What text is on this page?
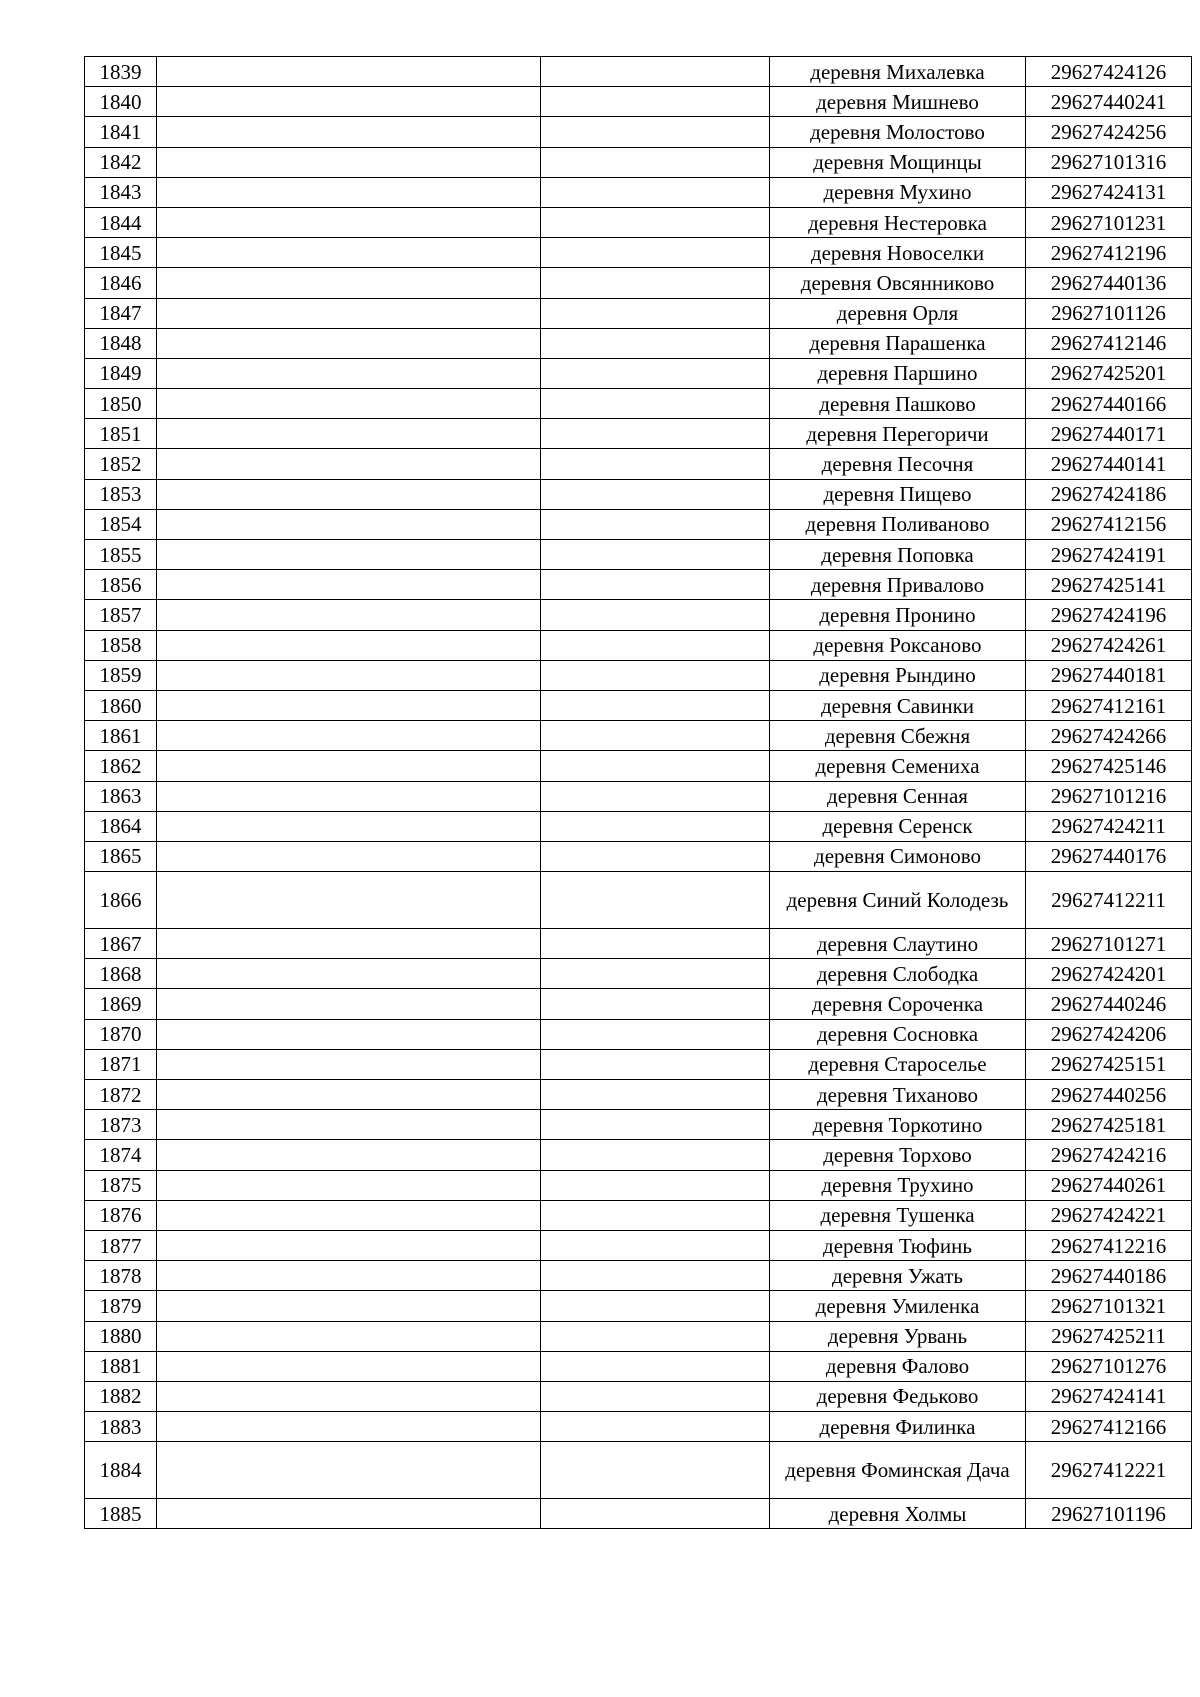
1839			деревня Михалевка	29627424126
1840			деревня Мишнево	29627440241
1841			деревня Молостово	29627424256
1842			деревня Мощинцы	29627101316
1843			деревня Мухино	29627424131
1844			деревня Нестеровка	29627101231
1845			деревня Новоселки	29627412196
1846			деревня Овсянниково	29627440136
1847			деревня Орля	29627101126
1848			деревня Парашенка	29627412146
1849			деревня Паршино	29627425201
1850			деревня Пашково	29627440166
1851			деревня Перегоричи	29627440171
1852			деревня Песочня	29627440141
1853			деревня Пищево	29627424186
1854			деревня Поливаново	29627412156
1855			деревня Поповка	29627424191
1856			деревня Привалово	29627425141
1857			деревня Пронино	29627424196
1858			деревня Роксаново	29627424261
1859			деревня Рындино	29627440181
1860			деревня Савинки	29627412161
1861			деревня Сбежня	29627424266
1862			деревня Семениха	29627425146
1863			деревня Сенная	29627101216
1864			деревня Серенск	29627424211
1865			деревня Симоново	29627440176
1866			деревня Синий Колодезь	29627412211
1867			деревня Слаутино	29627101271
1868			деревня Слободка	29627424201
1869			деревня Сороченка	29627440246
1870			деревня Сосновка	29627424206
1871			деревня Староселье	29627425151
1872			деревня Тиханово	29627440256
1873			деревня Торкотино	29627425181
1874			деревня Торхово	29627424216
1875			деревня Трухино	29627440261
1876			деревня Тушенка	29627424221
1877			деревня Тюфинь	29627412216
1878			деревня Ужать	29627440186
1879			деревня Умиленка	29627101321
1880			деревня Урвань	29627425211
1881			деревня Фалово	29627101276
1882			деревня Федьково	29627424141
1883			деревня Филинка	29627412166
1884			деревня Фоминская Дача	29627412221
1885			деревня Холмы	29627101196
